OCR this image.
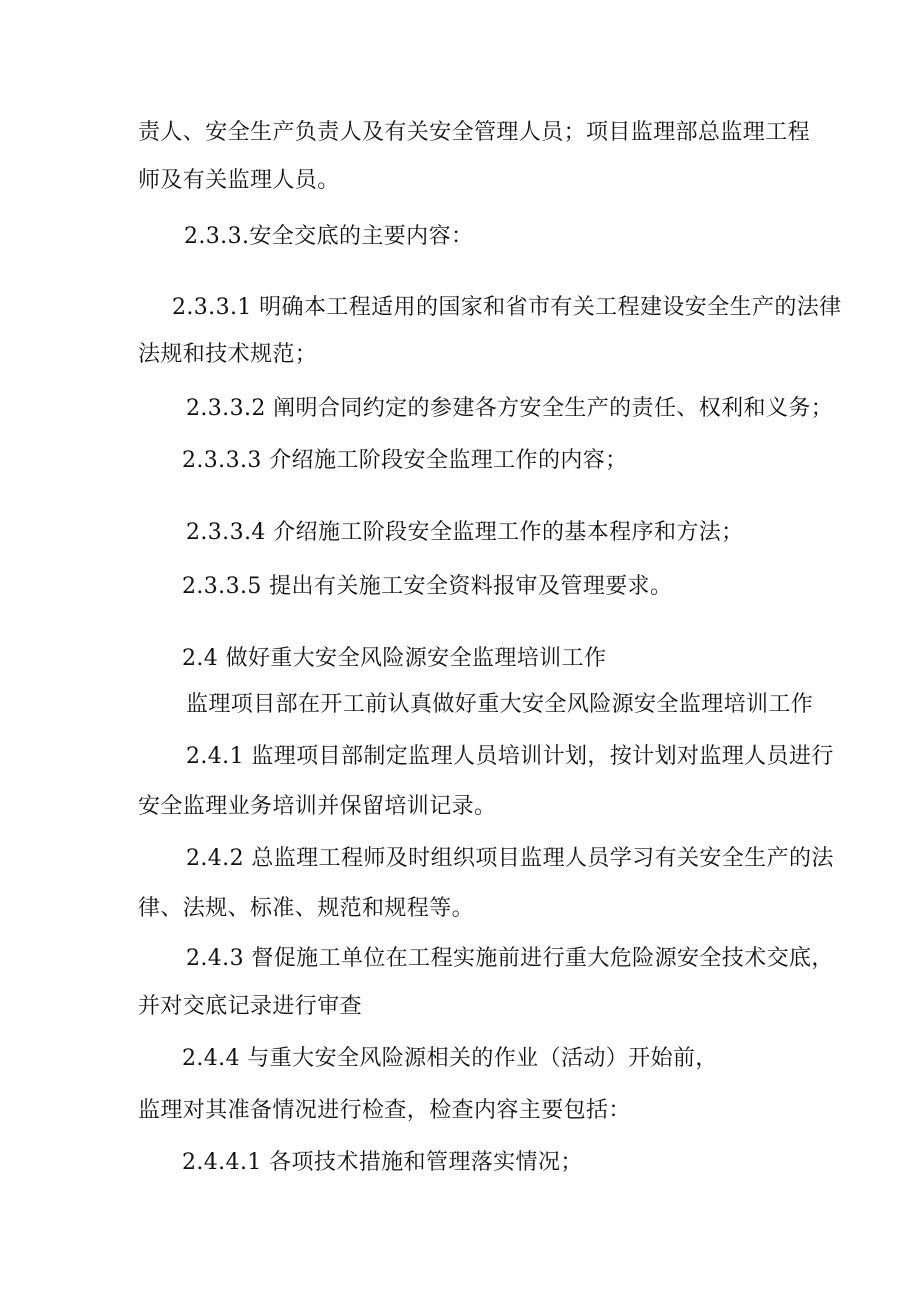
责人、安全生产负责人及有关安全管理人员；项目监理部总监理工程
师及有关监理人员。
2.3.3.安全交底的主要内容：
2.3.3.1 明确本工程适用的国家和省市有关工程建设安全生产的法律
法规和技术规范；
2.3.3.2 阐明合同约定的参建各方安全生产的责任、权利和义务；
2.3.3.3 介绍施工阶段安全监理工作的内容；
2.3.3.4 介绍施工阶段安全监理工作的基本程序和方法；
2.3.3.5 提出有关施工安全资料报审及管理要求。
2.4 做好重大安全风险源安全监理培训工作
监理项目部在开工前认真做好重大安全风险源安全监理培训工作
2.4.1 监理项目部制定监理人员培训计划，按计划对监理人员进行
安全监理业务培训并保留培训记录。
2.4.2 总监理工程师及时组织项目监理人员学习有关安全生产的法
律、法规、标准、规范和规程等。
2.4.3 督促施工单位在工程实施前进行重大危险源安全技术交底，
并对交底记录进行审查
2.4.4 与重大安全风险源相关的作业（活动）开始前，
监理对其准备情况进行检查，检查内容主要包括：
2.4.4.1 各项技术措施和管理落实情况；
